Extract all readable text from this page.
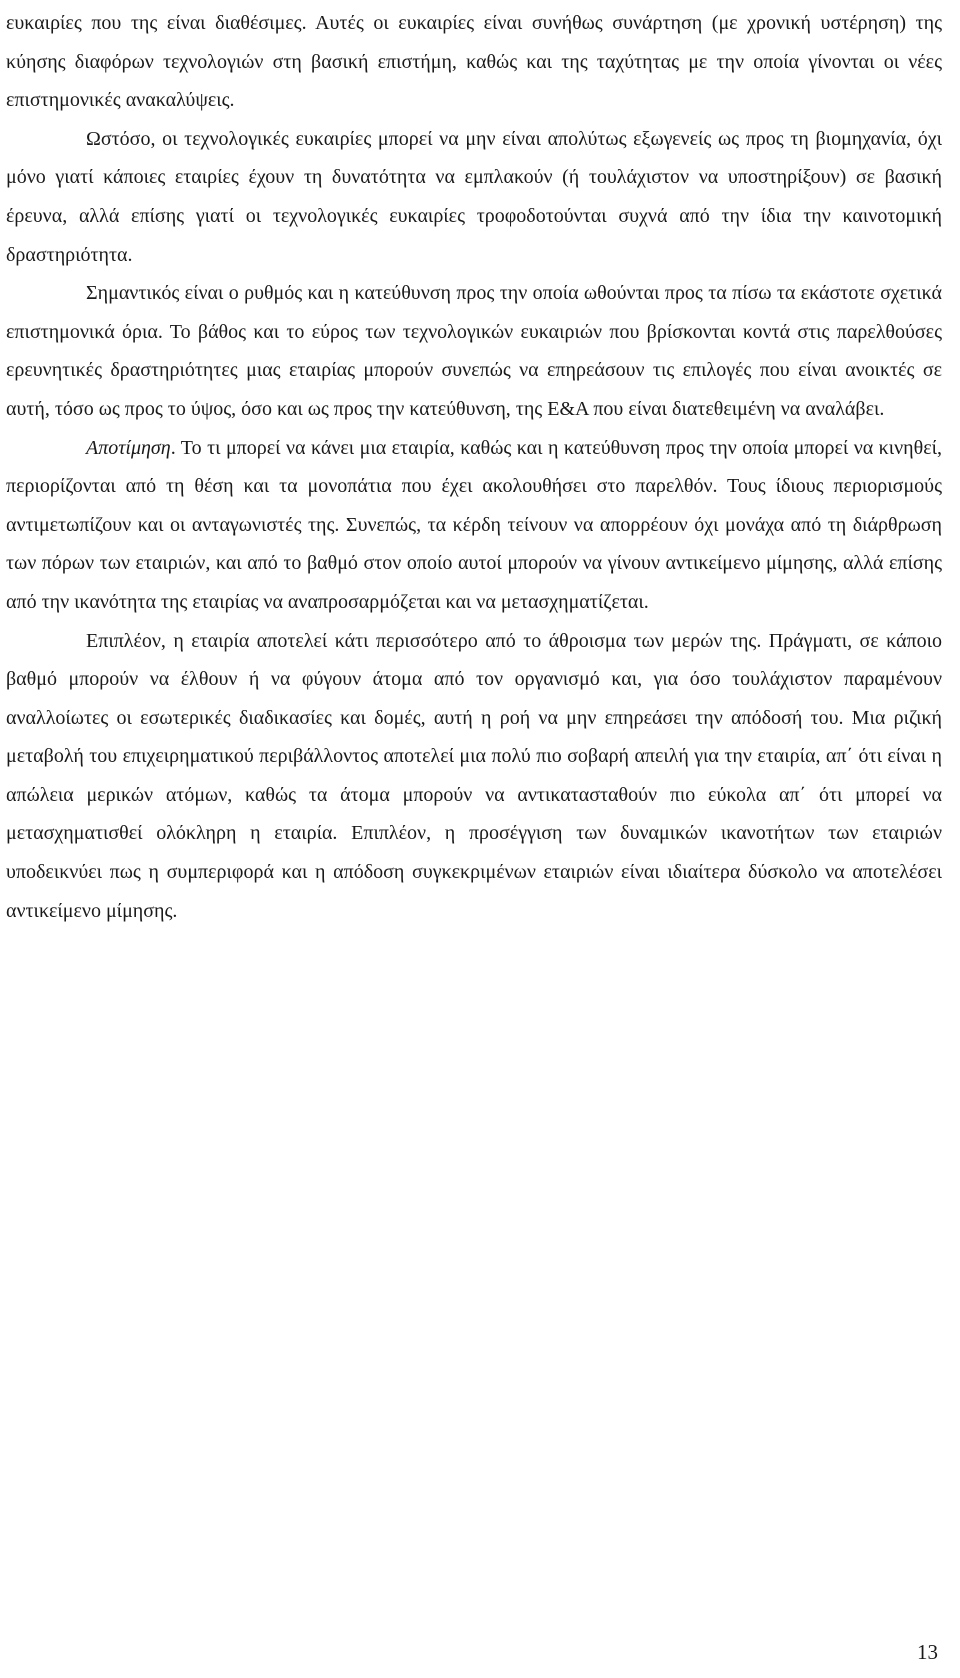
ευκαιρίες που της είναι διαθέσιμες. Αυτές οι ευκαιρίες είναι συνήθως συνάρτηση (με χρονική υστέρηση) της κύησης διαφόρων τεχνολογιών στη βασική επιστήμη, καθώς και της ταχύτητας με την οποία γίνονται οι νέες επιστημονικές ανακαλύψεις.

Ωστόσο, οι τεχνολογικές ευκαιρίες μπορεί να μην είναι απολύτως εξωγενείς ως προς τη βιομηχανία, όχι μόνο γιατί κάποιες εταιρίες έχουν τη δυνατότητα να εμπλακούν (ή τουλάχιστον να υποστηρίξουν) σε βασική έρευνα, αλλά επίσης γιατί οι τεχνολογικές ευκαιρίες τροφοδοτούνται συχνά από την ίδια την καινοτομική δραστηριότητα.

Σημαντικός είναι ο ρυθμός και η κατεύθυνση προς την οποία ωθούνται προς τα πίσω τα εκάστοτε σχετικά επιστημονικά όρια. Το βάθος και το εύρος των τεχνολογικών ευκαιριών που βρίσκονται κοντά στις παρελθούσες ερευνητικές δραστηριότητες μιας εταιρίας μπορούν συνεπώς να επηρεάσουν τις επιλογές που είναι ανοικτές σε αυτή, τόσο ως προς το ύψος, όσο και ως προς την κατεύθυνση, της Ε&Α που είναι διατεθειμένη να αναλάβει.

Αποτίμηση. Το τι μπορεί να κάνει μια εταιρία, καθώς και η κατεύθυνση προς την οποία μπορεί να κινηθεί, περιορίζονται από τη θέση και τα μονοπάτια που έχει ακολουθήσει στο παρελθόν. Τους ίδιους περιορισμούς αντιμετωπίζουν και οι ανταγωνιστές της. Συνεπώς, τα κέρδη τείνουν να απορρέουν όχι μονάχα από τη διάρθρωση των πόρων των εταιριών, και από το βαθμό στον οποίο αυτοί μπορούν να γίνουν αντικείμενο μίμησης, αλλά επίσης από την ικανότητα της εταιρίας να αναπροσαρμόζεται και να μετασχηματίζεται.

Επιπλέον, η εταιρία αποτελεί κάτι περισσότερο από το άθροισμα των μερών της. Πράγματι, σε κάποιο βαθμό μπορούν να έλθουν ή να φύγουν άτομα από τον οργανισμό και, για όσο τουλάχιστον παραμένουν αναλλοίωτες οι εσωτερικές διαδικασίες και δομές, αυτή η ροή να μην επηρεάσει την απόδοσή του. Μια ριζική μεταβολή του επιχειρηματικού περιβάλλοντος αποτελεί μια πολύ πιο σοβαρή απειλή για την εταιρία, απ΄ ότι είναι η απώλεια μερικών ατόμων, καθώς τα άτομα μπορούν να αντικατασταθούν πιο εύκολα απ΄ ότι μπορεί να μετασχηματισθεί ολόκληρη η εταιρία. Επιπλέον, η προσέγγιση των δυναμικών ικανοτήτων των εταιριών υποδεικνύει πως η συμπεριφορά και η απόδοση συγκεκριμένων εταιριών είναι ιδιαίτερα δύσκολο να αποτελέσει αντικείμενο μίμησης.

13
